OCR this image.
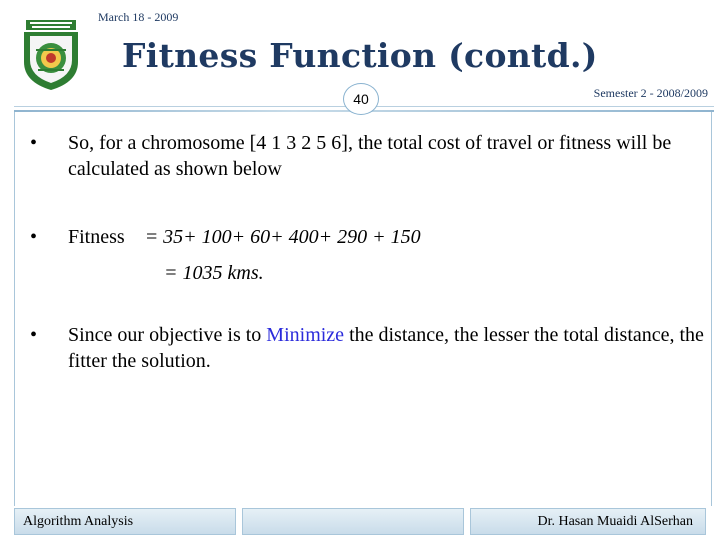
March 18 - 2009
Fitness Function (contd.)
Semester 2 - 2008/2009
40
• So, for a chromosome [4 1 3 2 5 6], the total cost of travel or fitness will be calculated as shown below
• Fitness = 35+ 100+ 60+ 400+ 290 + 150
= 1035 kms.
• Since our objective is to Minimize the distance, the lesser the total distance, the fitter the solution.
Algorithm Analysis	Dr. Hasan Muaidi AlSerhan
